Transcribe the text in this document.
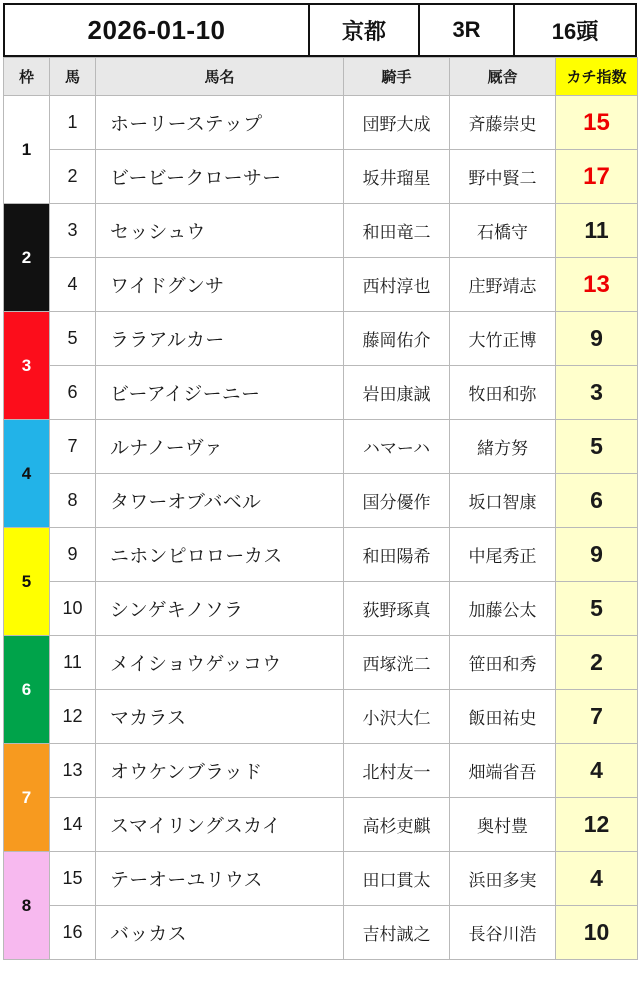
2026-01-10	京都	3R	16頭
枠	馬	馬名	騎手	厩舎	カチ指数
1	1	ホーリーステップ	団野大成	斉藤崇史	15
	2	ビービークローサー	坂井瑠星	野中賢二	17
2	3	セッシュウ	和田竜二	石橋守	11
	4	ワイドグンサ	西村淳也	庄野靖志	13
3	5	ララアルカー	藤岡佑介	大竹正博	9
	6	ビーアイジーニー	岩田康誠	牧田和弥	3
4	7	ルナノーヴァ	ハマーハ	緒方努	5
	8	タワーオブバベル	国分優作	坂口智康	6
5	9	ニホンピロローカス	和田陽希	中尾秀正	9
	10	シンゲキノソラ	荻野琢真	加藤公太	5
6	11	メイショウゲッコウ	西塚洸二	笹田和秀	2
	12	マカラス	小沢大仁	飯田祐史	7
7	13	オウケンブラッド	北村友一	畑端省吾	4
	14	スマイリングスカイ	高杉吏麒	奥村豊	12
8	15	テーオーユリウス	田口貫太	浜田多実	4
	16	バッカス	吉村誠之	長谷川浩	10
